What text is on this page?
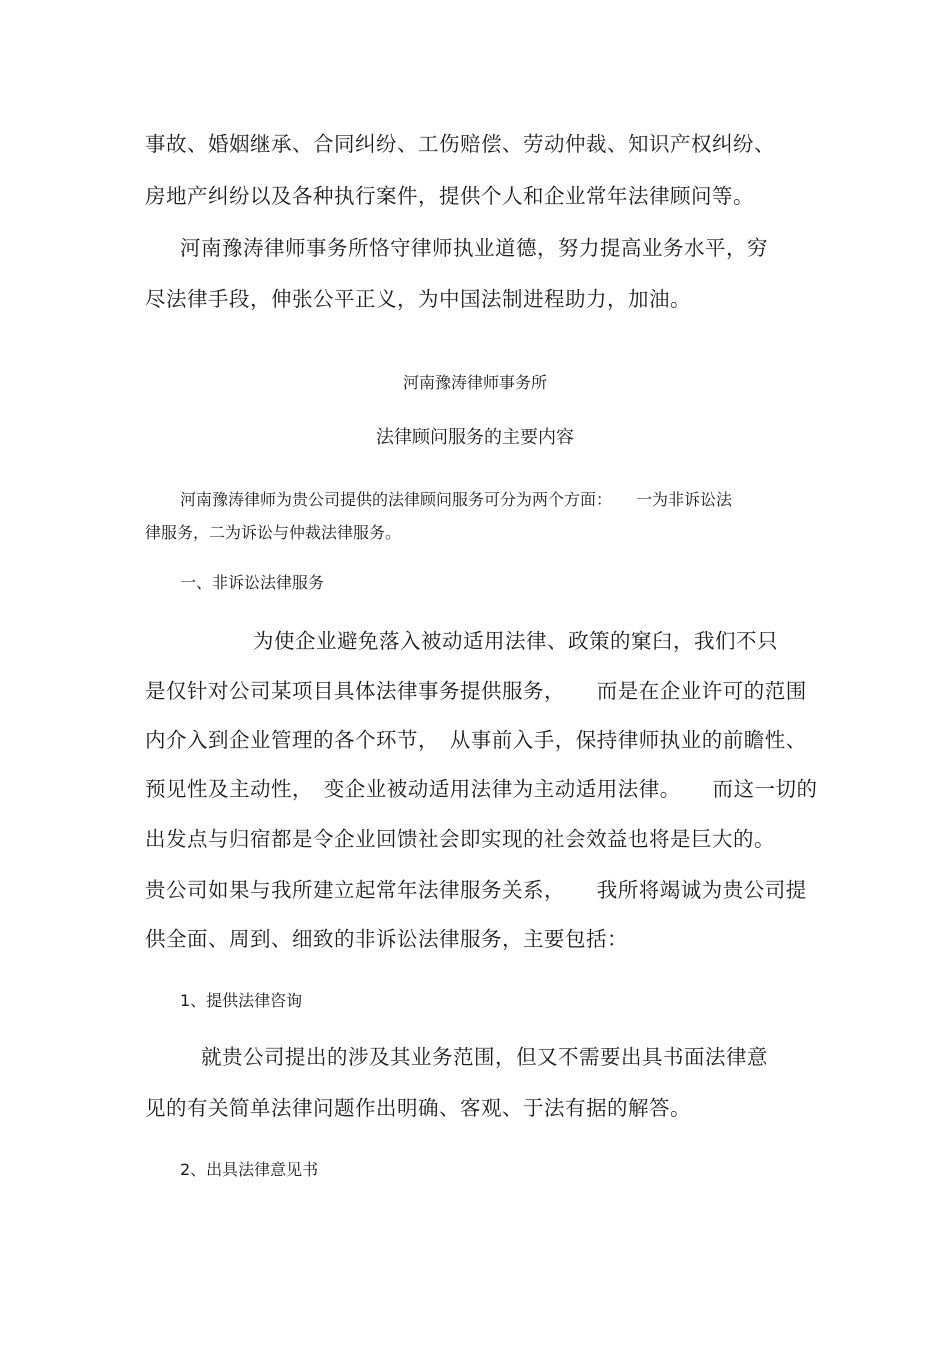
事故、婚姻继承、合同纠纷、工伤赔偿、劳动仲裁、知识产权纠纷、
房地产纠纷以及各种执行案件，提供个人和企业常年法律顾问等。
河南豫涛律师事务所恪守律师执业道德，努力提高业务水平，穷
尽法律手段，伸张公平正义，为中国法制进程助力，加油。
河南豫涛律师事务所
法律顾问服务的主要内容
河南豫涛律师为贵公司提供的法律顾问服务可分为两个方面：　　一为非诉讼法
律服务，二为诉讼与仲裁法律服务。
一、非诉讼法律服务
为使企业避免落入被动适用法律、政策的窠臼，我们不只
是仅针对公司某项目具体法律事务提供服务，　　而是在企业许可的范围
内介入到企业管理的各个环节，　从事前入手，保持律师执业的前瞻性、
预见性及主动性，　变企业被动适用法律为主动适用法律。　　而这一切的
出发点与归宿都是令企业回馈社会即实现的社会效益也将是巨大的。
贵公司如果与我所建立起常年法律服务关系，　　我所将竭诚为贵公司提
供全面、周到、细致的非诉讼法律服务，主要包括：
1、提供法律咨询
就贵公司提出的涉及其业务范围，但又不需要出具书面法律意
见的有关简单法律问题作出明确、客观、于法有据的解答。
2、出具法律意见书
